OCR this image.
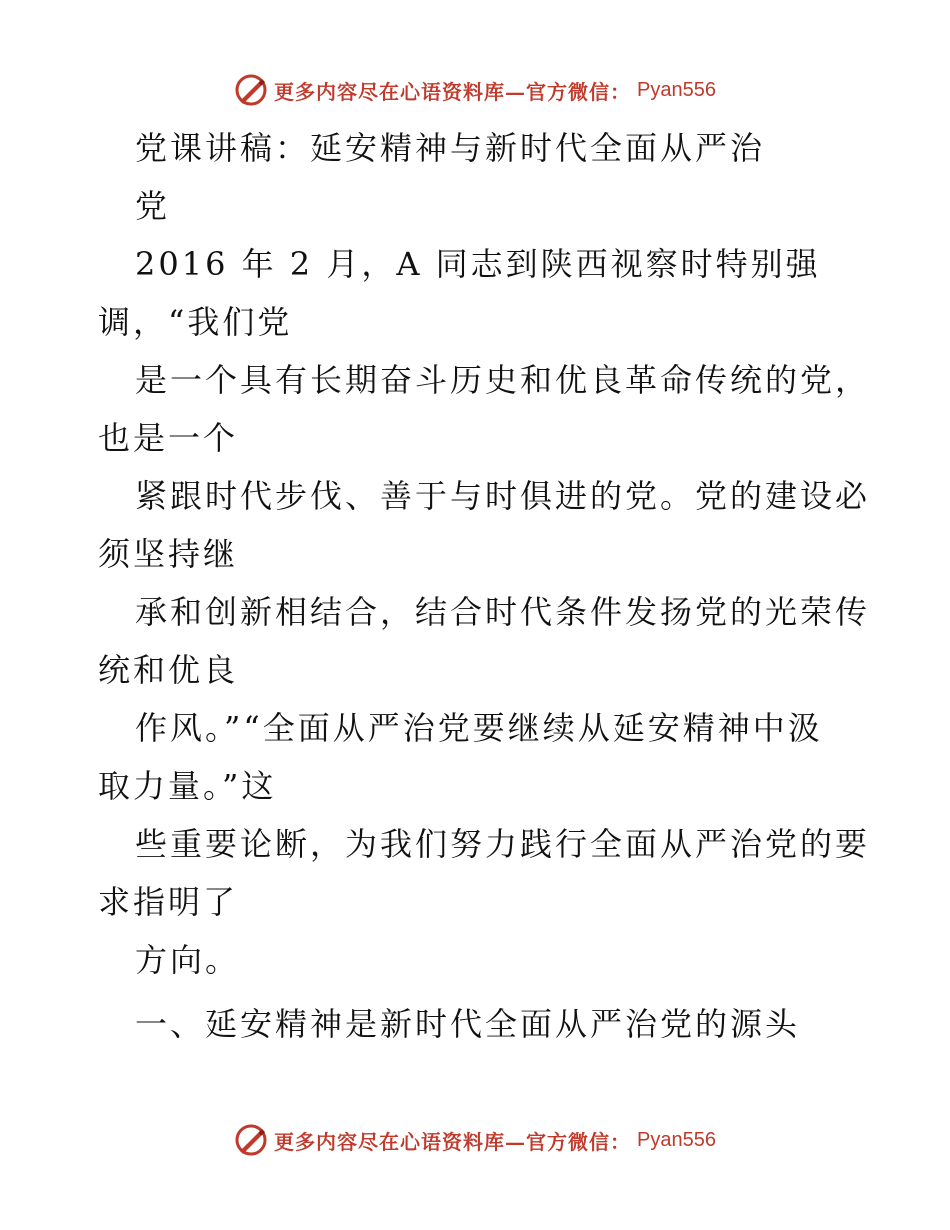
更多内容尽在心语资料库—官方微信： Pyan556
党课讲稿：延安精神与新时代全面从严治
党
2016 年 2 月，A 同志到陕西视察时特别强
调，“我们党
是一个具有长期奋斗历史和优良革命传统的党，
也是一个
紧跟时代步伐、善于与时俱进的党。党的建设必
须坚持继
承和创新相结合，结合时代条件发扬党的光荣传
统和优良
作风。”“全面从严治党要继续从延安精神中汲
取力量。”这
些重要论断，为我们努力践行全面从严治党的要
求指明了
方向。
一、延安精神是新时代全面从严治党的源头
更多内容尽在心语资料库—官方微信： Pyan556
